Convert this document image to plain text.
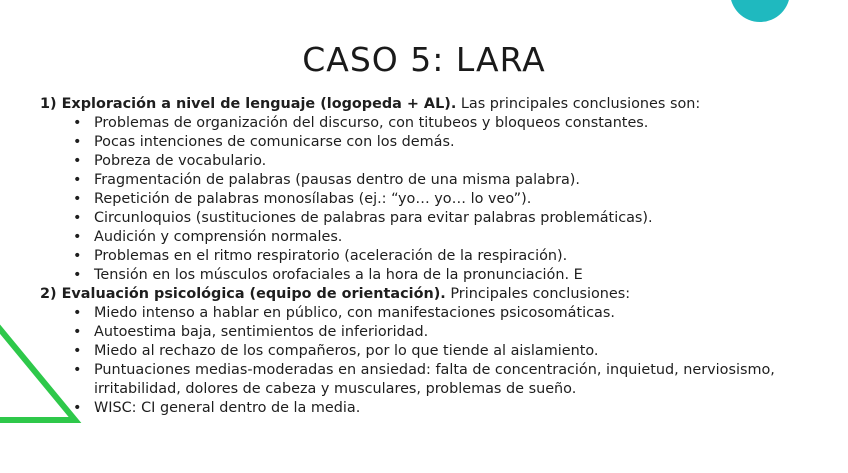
CASO 5: LARA

1) Exploración a nivel de lenguaje (logopeda + AL). Las principales conclusiones son:

• Problemas de organización del discurso, con titubeos y bloqueos constantes.
• Pocas intenciones de comunicarse con los demás.
• Pobreza de vocabulario.
• Fragmentación de palabras (pausas dentro de una misma palabra).
• Repetición de palabras monosílabas (ej.: “yo… yo… lo veo”).
• Circunloquios (sustituciones de palabras para evitar palabras problemáticas).
• Audición y comprensión normales.
• Problemas en el ritmo respiratorio (aceleración de la respiración).
• Tensión en los músculos orofaciales a la hora de la pronunciación. E

2) Evaluación psicológica (equipo de orientación). Principales conclusiones:

• Miedo intenso a hablar en público, con manifestaciones psicosomáticas.
• Autoestima baja, sentimientos de inferioridad.
• Miedo al rechazo de los compañeros, por lo que tiende al aislamiento.
• Puntuaciones medias-moderadas en ansiedad: falta de concentración, inquietud, nerviosismo, irritabilidad, dolores de cabeza y musculares, problemas de sueño.
• WISC: CI general dentro de la media.
